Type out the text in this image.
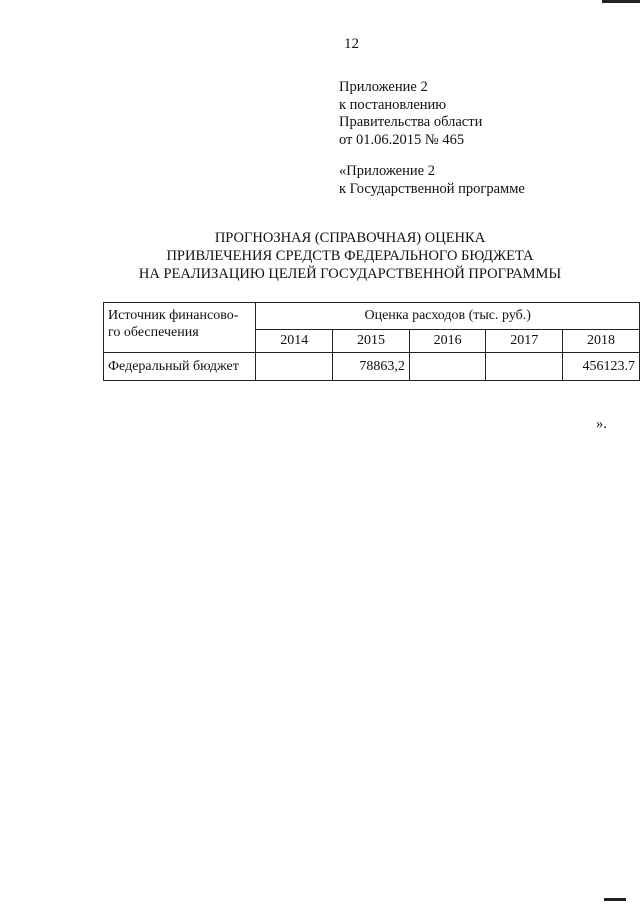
12
Приложение 2
к постановлению
Правительства области
от 01.06.2015 № 465
«Приложение 2
к Государственной программе
ПРОГНОЗНАЯ (СПРАВОЧНАЯ) ОЦЕНКА
ПРИВЛЕЧЕНИЯ СРЕДСТВ ФЕДЕРАЛЬНОГО БЮДЖЕТА
НА РЕАЛИЗАЦИЮ ЦЕЛЕЙ ГОСУДАРСТВЕННОЙ ПРОГРАММЫ
Источник финансово-
го обеспечения	Оценка расходов (тыс. руб.)				
	2014	2015	2016	2017	2018
Федеральный бюджет		78863,2			456123.7
».
